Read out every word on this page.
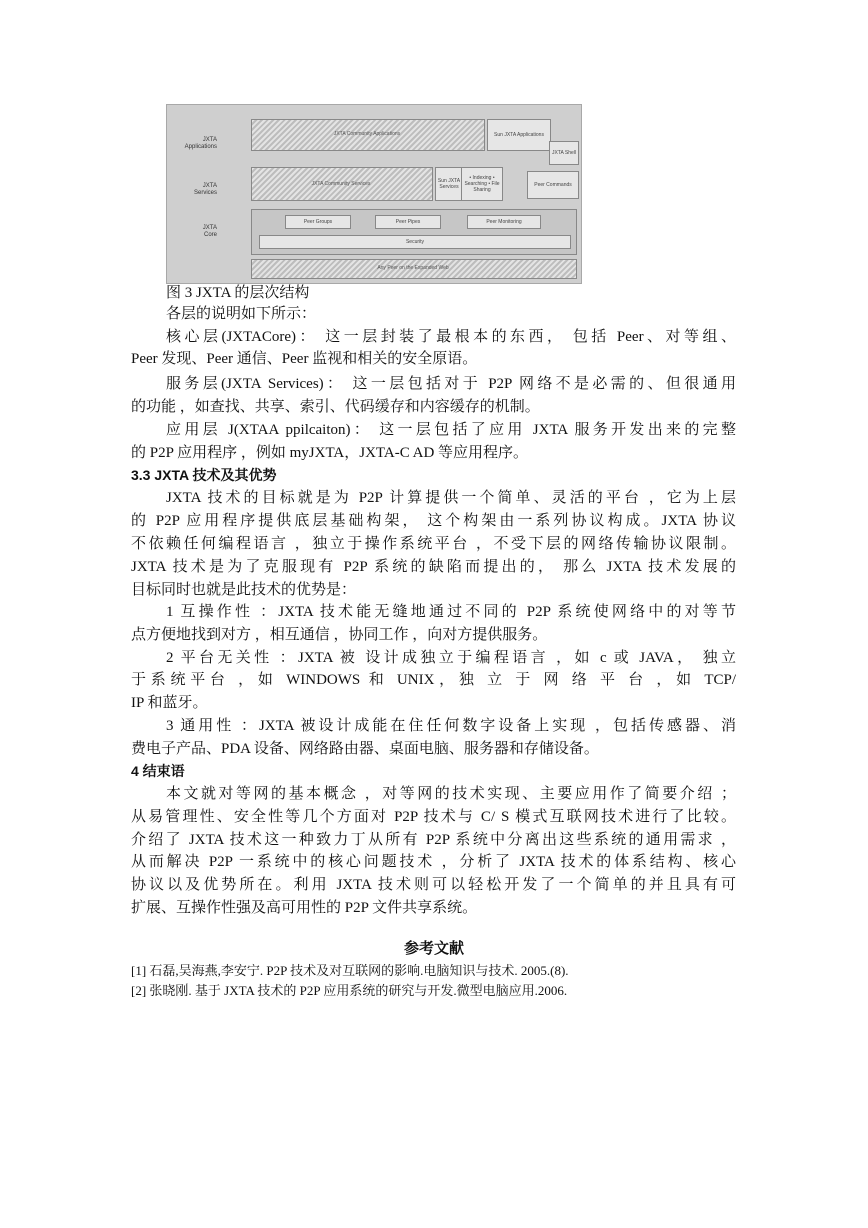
JXTA
Applications
JXTA
Services
JXTA
Core
JXTA Community Applications	Sun JXTA Applications
JXTA Shell
JXTA Community Services	Sun JXTA Services
• Indexing • Searching • File Sharing
Peer Commands
Peer Groups	Peer Pipes	Peer Monitoring
Security
Any Peer on the Expanded Web
图 3 JXTA 的层次结构
各层的说明如下所示：
核心层(JXTACore)： 这一层封装了最根本的东西， 包括 Peer、对等组、
Peer 发现、Peer 通信、Peer 监视和相关的安全原语。
服务层(JXTA Services)： 这一层包括对于 P2P 网络不是必需的、但很通用
的功能 ，如查找、共享、索引、代码缓存和内容缓存的机制。
应用层 J(XTAA ppilcaiton)： 这一层包括了应用 JXTA 服务开发出来的完整
的 P2P 应用程序 ，例如 myJXTA，JXTA-C AD 等应用程序。
3.3 JXTA 技术及其优势
JXTA 技术的目标就是为 P2P 计算提供一个简单、灵活的平台 ，它为上层
的 P2P 应用程序提供底层基础构架， 这个构架由一系列协议构成。JXTA 协议
不依赖任何编程语言 ，独立于操作系统平台 ，不受下层的网络传输协议限制。
JXTA 技术是为了克服现有 P2P 系统的缺陷而提出的， 那么 JXTA 技术发展的
目标同时也就是此技术的优势是：
1 互操作性 ：JXTA 技术能无缝地通过不同的 P2P 系统使网络中的对等节
点方便地找到对方 ，相互通信 ，协同工作 ，向对方提供服务。
2 平台无关性 ：JXTA 被 设计成独立于编程语言 ，如 c 或 JAVA， 独立
于系统平台 ，如 WINDOWS 和 UNIX，独 立 于 网 络 平 台 ，如 TCP/
IP 和蓝牙。
3 通用性 ：JXTA 被设计成能在住任何数字设备上实现 ，包括传感器、消
费电子产品、PDA 设备、网络路由器、桌面电脑、服务器和存储设备。
4 结束语
本文就对等网的基本概念 ，对等网的技术实现、主要应用作了简要介绍 ；
从易管理性、安全性等几个方面对 P2P 技术与 C/ S 模式互联网技术进行了比较。
介绍了 JXTA 技术这一种致力丁从所有 P2P 系统中分离出这些系统的通用需求 ，
从而解决 P2P 一系统中的核心问题技术 ，分析了 JXTA 技术的体系结构、核心
协议以及优势所在。利用 JXTA 技术则可以轻松开发了一个简单的并且具有可
扩展、互操作性强及高可用性的 P2P 文件共享系统。
参考文献
[1] 石磊,吴海燕,李安宁. P2P 技术及对互联网的影响.电脑知识与技术. 2005.(8).
[2] 张晓刚. 基于 JXTA 技术的 P2P 应用系统的研究与开发.微型电脑应用.2006.
